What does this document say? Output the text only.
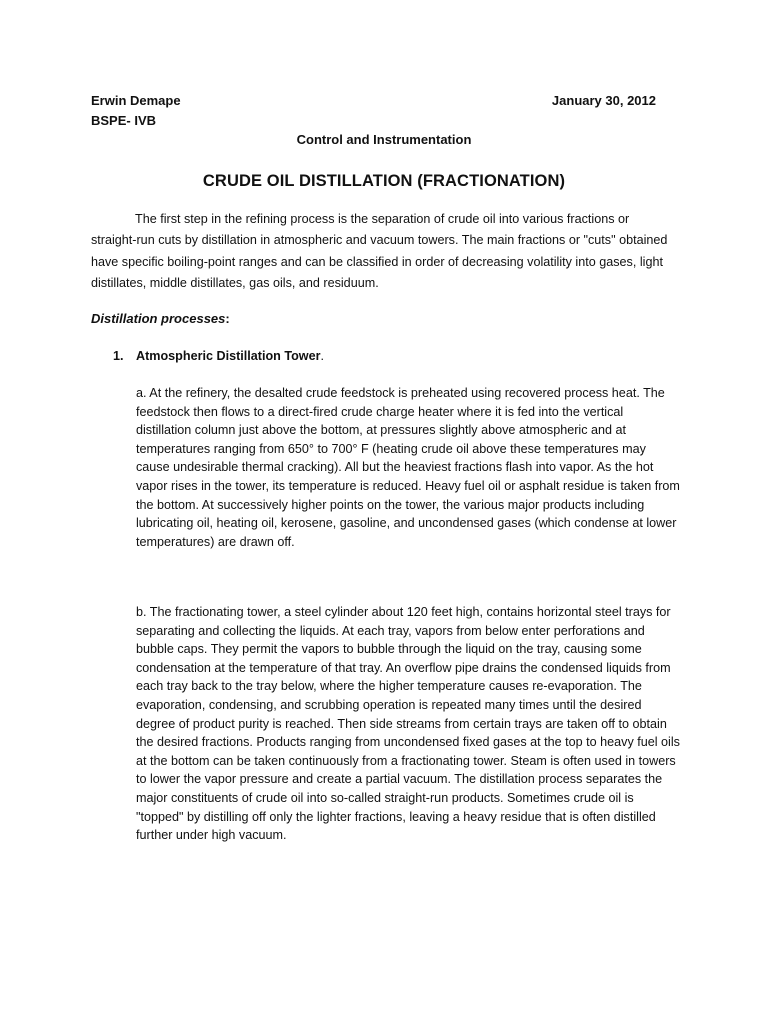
Erwin Demape	January 30, 2012

BSPE- IVB

Control and Instrumentation

CRUDE OIL DISTILLATION (FRACTIONATION)

The first step in the refining process is the separation of crude oil into various fractions or straight-run cuts by distillation in atmospheric and vacuum towers. The main fractions or "cuts" obtained have specific boiling-point ranges and can be classified in order of decreasing volatility into gases, light distillates, middle distillates, gas oils, and residuum.

Distillation processes:

1. Atmospheric Distillation Tower.

a. At the refinery, the desalted crude feedstock is preheated using recovered process heat. The feedstock then flows to a direct-fired crude charge heater where it is fed into the vertical distillation column just above the bottom, at pressures slightly above atmospheric and at temperatures ranging from 650° to 700° F (heating crude oil above these temperatures may cause undesirable thermal cracking). All but the heaviest fractions flash into vapor. As the hot vapor rises in the tower, its temperature is reduced. Heavy fuel oil or asphalt residue is taken from the bottom. At successively higher points on the tower, the various major products including lubricating oil, heating oil, kerosene, gasoline, and uncondensed gases (which condense at lower temperatures) are drawn off.

b. The fractionating tower, a steel cylinder about 120 feet high, contains horizontal steel trays for separating and collecting the liquids. At each tray, vapors from below enter perforations and bubble caps. They permit the vapors to bubble through the liquid on the tray, causing some condensation at the temperature of that tray. An overflow pipe drains the condensed liquids from each tray back to the tray below, where the higher temperature causes re-evaporation. The evaporation, condensing, and scrubbing operation is repeated many times until the desired degree of product purity is reached. Then side streams from certain trays are taken off to obtain the desired fractions. Products ranging from uncondensed fixed gases at the top to heavy fuel oils at the bottom can be taken continuously from a fractionating tower. Steam is often used in towers to lower the vapor pressure and create a partial vacuum. The distillation process separates the major constituents of crude oil into so-called straight-run products. Sometimes crude oil is "topped" by distilling off only the lighter fractions, leaving a heavy residue that is often distilled further under high vacuum.
